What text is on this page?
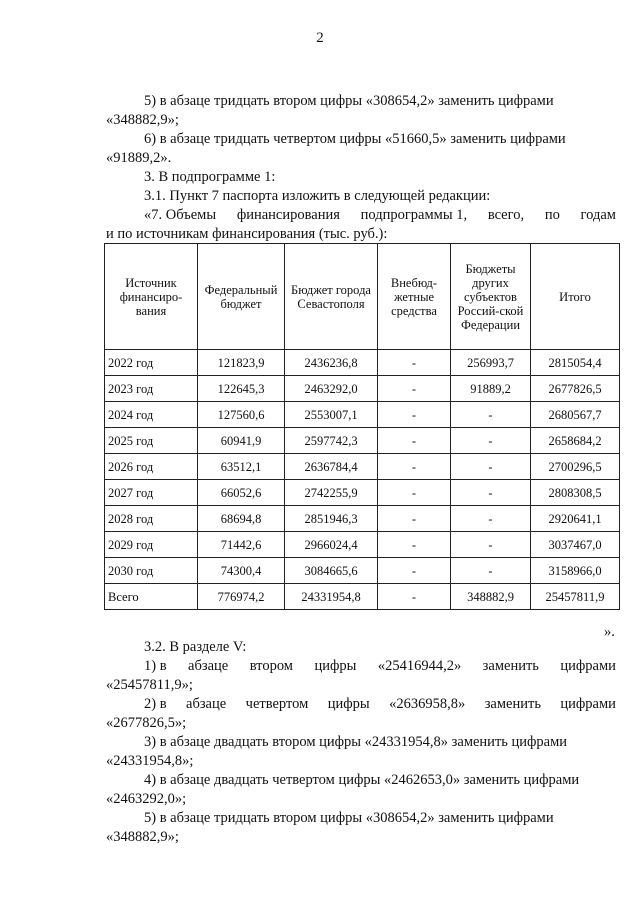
2

5) в абзаце тридцать втором цифры «308654,2» заменить цифрами

«348882,9»;

6) в абзаце тридцать четвертом цифры «51660,5» заменить цифрами

«91889,2».

3. В подпрограмме 1:

3.1. Пункт 7 паспорта изложить в следующей редакции:

«7. Объемы финансирования подпрограммы 1, всего, по годам

и по источникам финансирования (тыс. руб.):

Источник финансиро-вания	Федеральный бюджет	Бюджет города Севастополя	Внебюд-жетные средства	Бюджеты других субъектов Россий-ской Федерации	Итого
2022 год	121823,9	2436236,8	-	256993,7	2815054,4
2023 год	122645,3	2463292,0	-	91889,2	2677826,5
2024 год	127560,6	2553007,1	-	-	2680567,7
2025 год	60941,9	2597742,3	-	-	2658684,2
2026 год	63512,1	2636784,4	-	-	2700296,5
2027 год	66052,6	2742255,9	-	-	2808308,5
2028 год	68694,8	2851946,3	-	-	2920641,1
2029 год	71442,6	2966024,4	-	-	3037467,0
2030 год	74300,4	3084665,6	-	-	3158966,0
Всего	776974,2	24331954,8	-	348882,9	25457811,9
».

3.2. В разделе V:

1) в абзаце втором цифры «25416944,2» заменить цифрами

«25457811,9»;

2) в абзаце четвертом цифры «2636958,8» заменить цифрами

«2677826,5»;

3) в абзаце двадцать втором цифры «24331954,8» заменить цифрами

«24331954,8»;

4) в абзаце двадцать четвертом цифры «2462653,0» заменить цифрами

«2463292,0»;

5) в абзаце тридцать втором цифры «308654,2» заменить цифрами

«348882,9»;
